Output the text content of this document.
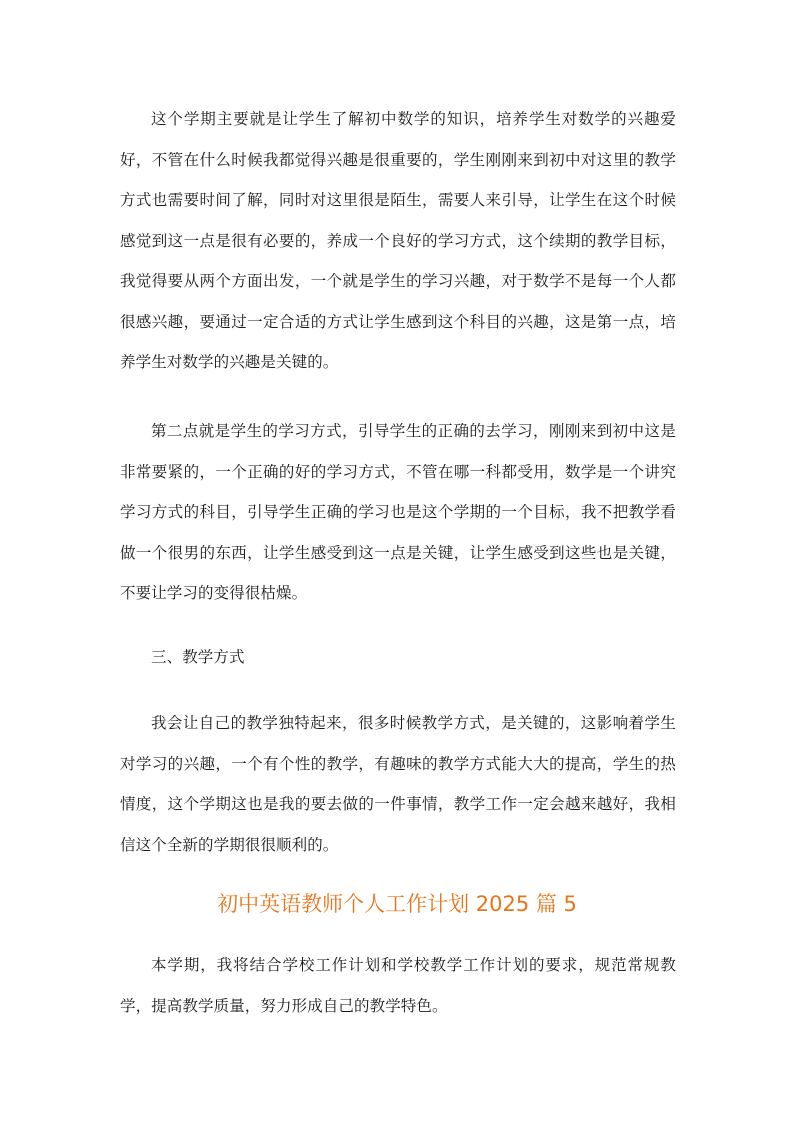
这个学期主要就是让学生了解初中数学的知识，培养学生对数学的兴趣爱好，不管在什么时候我都觉得兴趣是很重要的，学生刚刚来到初中对这里的教学方式也需要时间了解，同时对这里很是陌生，需要人来引导，让学生在这个时候感觉到这一点是很有必要的，养成一个良好的学习方式，这个续期的教学目标，我觉得要从两个方面出发，一个就是学生的学习兴趣，对于数学不是每一个人都很感兴趣，要通过一定合适的方式让学生感到这个科目的兴趣，这是第一点，培养学生对数学的兴趣是关键的。

第二点就是学生的学习方式，引导学生的正确的去学习，刚刚来到初中这是非常要紧的，一个正确的好的学习方式，不管在哪一科都受用，数学是一个讲究学习方式的科目，引导学生正确的学习也是这个学期的一个目标，我不把教学看做一个很男的东西，让学生感受到这一点是关键，让学生感受到这些也是关键，不要让学习的变得很枯燥。

三、教学方式

我会让自己的教学独特起来，很多时候教学方式，是关键的，这影响着学生对学习的兴趣，一个有个性的教学，有趣味的教学方式能大大的提高，学生的热情度，这个学期这也是我的要去做的一件事情，教学工作一定会越来越好，我相信这个全新的学期很很顺利的。

初中英语教师个人工作计划 2025 篇 5

本学期，我将结合学校工作计划和学校教学工作计划的要求，规范常规教学，提高教学质量，努力形成自己的教学特色。
